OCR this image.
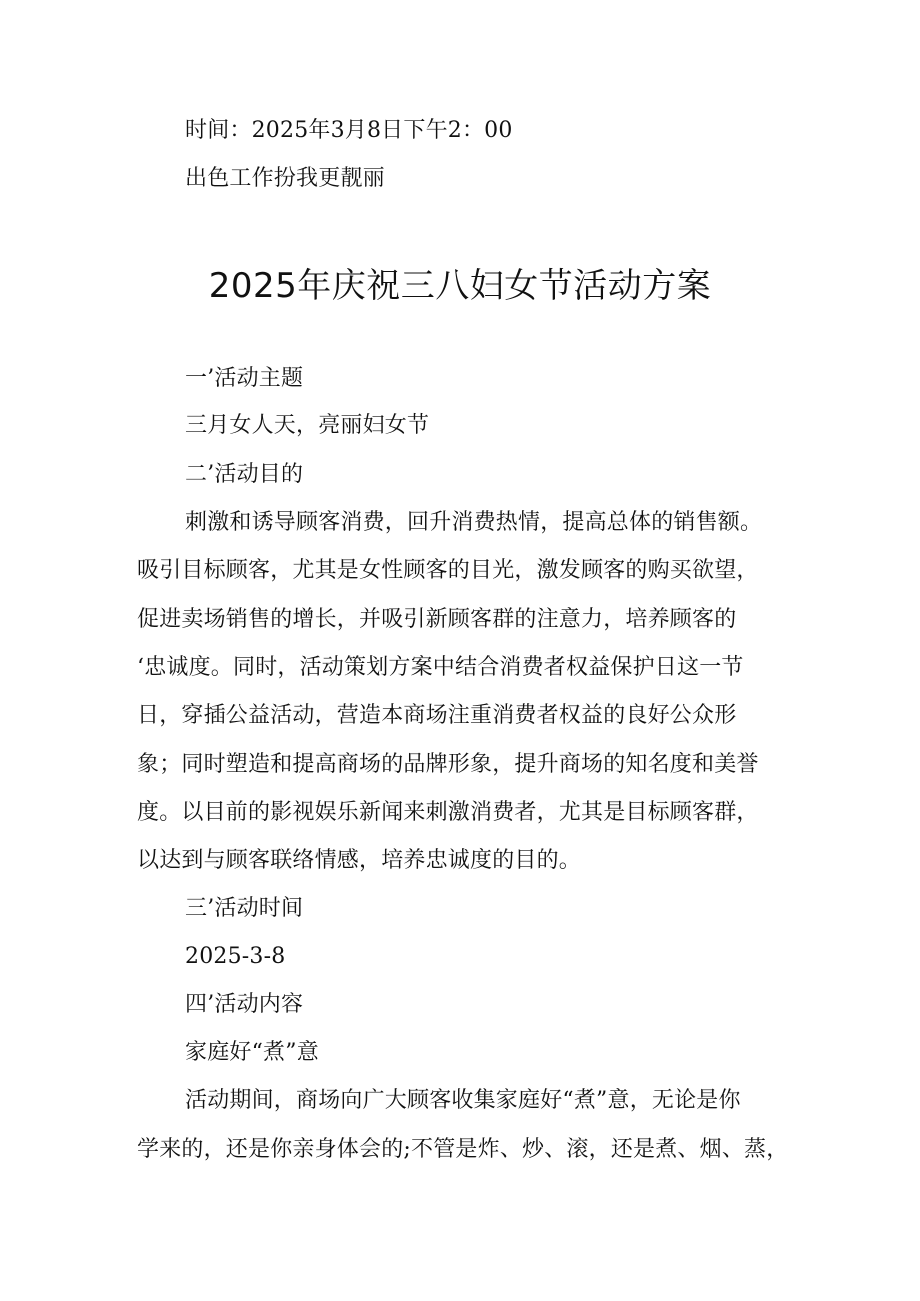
时间：2025年3月8日下午2：00
出色工作扮我更靓丽
2025年庆祝三八妇女节活动方案
一’活动主题
三月女人天，亮丽妇女节
二’活动目的
刺激和诱导顾客消费，回升消费热情，提高总体的销售额。
吸引目标顾客，尤其是女性顾客的目光，激发顾客的购买欲望，
促进卖场销售的增长，并吸引新顾客群的注意力，培养顾客的
‘忠诚度。同时，活动策划方案中结合消费者权益保护日这一节
日，穿插公益活动，营造本商场注重消费者权益的良好公众形
象；同时塑造和提高商场的品牌形象，提升商场的知名度和美誉
度。以目前的影视娱乐新闻来刺激消费者，尤其是目标顾客群，
以达到与顾客联络情感，培养忠诚度的目的。
三’活动时间
2025-3-8
四’活动内容
家庭好“煮”意
活动期间，商场向广大顾客收集家庭好“煮”意，无论是你
学来的，还是你亲身体会的;不管是炸、炒、滚，还是煮、烟、蒸，
